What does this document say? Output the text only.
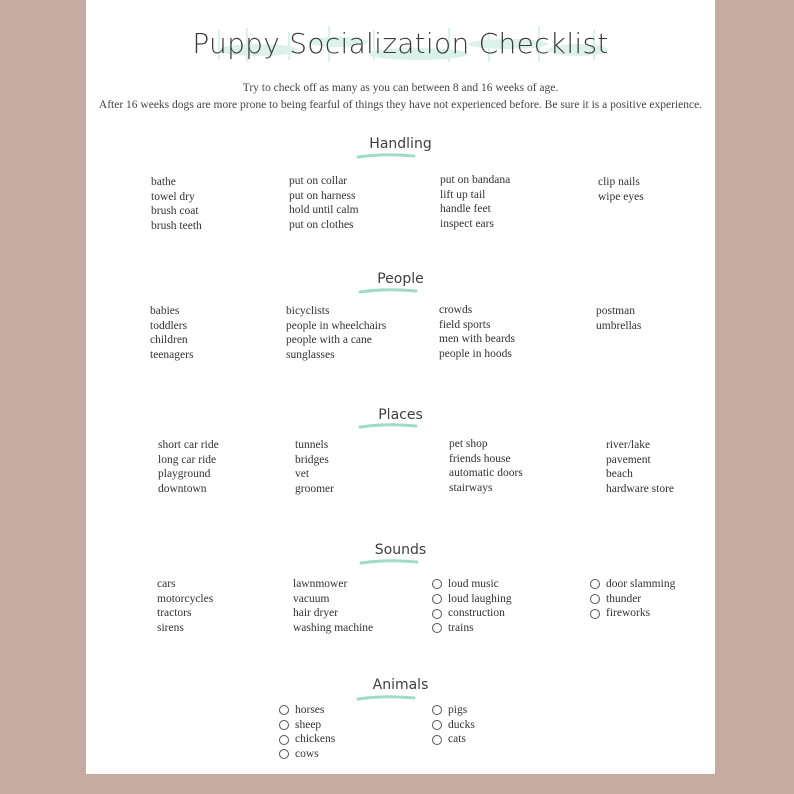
Puppy Socialization Checklist
Try to check off as many as you can between 8 and 16 weeks of age.
After 16 weeks dogs are more prone to being fearful of things they have not experienced before. Be sure it is a positive experience.
Handling
bathe
towel dry
brush coat
brush teeth
put on collar
put on harness
hold until calm
put on clothes
put on bandana
lift up tail
handle feet
inspect ears
clip nails
wipe eyes
People
babies
toddlers
children
teenagers
bicyclists
people in wheelchairs
people with a cane
sunglasses
crowds
field sports
men with beards
people in hoods
postman
umbrellas
Places
short car ride
long car ride
playground
downtown
tunnels
bridges
vet
groomer
pet shop
friends house
automatic doors
stairways
river/lake
pavement
beach
hardware store
Sounds
cars
motorcycles
tractors
sirens
lawnmower
vacuum
hair dryer
washing machine
loud music
loud laughing
construction
trains
door slamming
thunder
fireworks
Animals
horses
sheep
chickens
cows
pigs
ducks
cats
